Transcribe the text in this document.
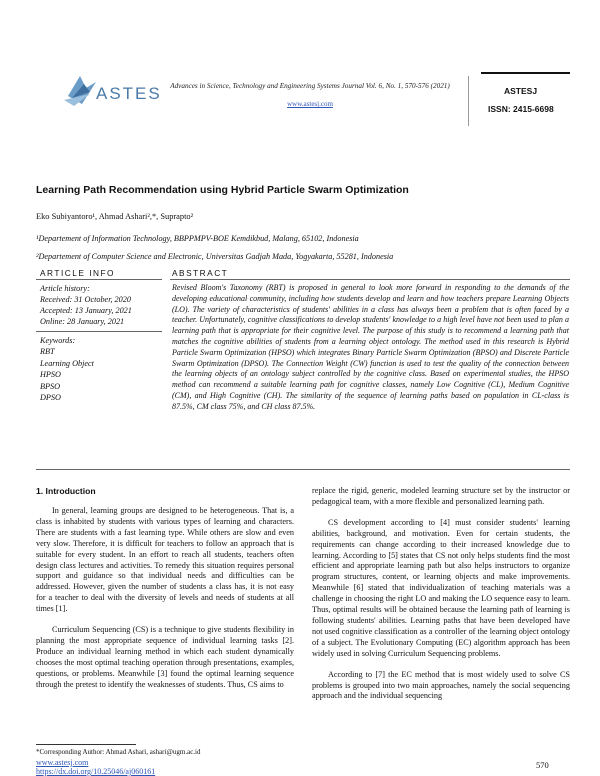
ASTES	Advances in Science, Technology and Engineering Systems Journal Vol. 6, No. 1, 570-576 (2021)
www.astesj.com
ASTESJ
ISSN: 2415-6698
Learning Path Recommendation using Hybrid Particle Swarm Optimization
Eko Subiyantoro¹, Ahmad Ashari²,*, Suprapto²
¹Departement of Information Technology, BBPPMPV-BOE Kemdikbud, Malang, 65102, Indonesia
²Departement of Computer Science and Electronic, Universitas Gadjah Mada, Yogyakarta, 55281, Indonesia
ARTICLE INFO	ABSTRACT
Article history:
Received: 31 October, 2020
Accepted: 13 January, 2021
Online: 28 January, 2021
Keywords:
RBT
Learning Object
HPSO
BPSO
DPSO
Revised Bloom's Taxonomy (RBT) is proposed in general to look more forward in responding to the demands of the developing educational community, including how students develop and learn and how teachers prepare Learning Objects (LO). The variety of characteristics of students' abilities in a class has always been a problem that is often faced by a teacher. Unfortunately, cognitive classifications to develop students' knowledge to a high level have not been used to plan a learning path that is appropriate for their cognitive level. The purpose of this study is to recommend a learning path that matches the cognitive abilities of students from a learning object ontology. The method used in this research is Hybrid Particle Swarm Optimization (HPSO) which integrates Binary Particle Swarm Optimization (BPSO) and Discrete Particle Swarm Optimization (DPSO). The Connection Weight (CW) function is used to test the quality of the connection between the learning objects of an ontology subject controlled by the cognitive class. Based on experimental studies, the HPSO method can recommend a suitable learning path for cognitive classes, namely Low Cognitive (CL), Medium Cognitive (CM), and High Cognitive (CH). The similarity of the sequence of learning paths based on population in CL-class is 87.5%, CM class 75%, and CH class 87.5%.
1. Introduction

In general, learning groups are designed to be heterogeneous. That is, a class is inhabited by students with various types of learning and characters. There are students with a fast learning type. While others are slow and even very slow. Therefore, it is difficult for teachers to follow an approach that is suitable for every student. In an effort to reach all students, teachers often design class lectures and activities. To remedy this situation requires personal support and guidance so that individual needs and difficulties can be addressed. However, given the number of students a class has, it is not easy for a teacher to deal with the diversity of levels and needs of students at all times [1].

Curriculum Sequencing (CS) is a technique to give students flexibility in planning the most appropriate sequence of individual learning tasks [2]. Produce an individual learning method in which each student dynamically chooses the most optimal teaching operation through presentations, examples, questions, or problems. Meanwhile [3] found the optimal learning sequence through the pretest to identify the weaknesses of students. Thus, CS aims to

replace the rigid, generic, modeled learning structure set by the instructor or pedagogical team, with a more flexible and personalized learning path.

CS development according to [4] must consider students' learning abilities, background, and motivation. Even for certain students, the requirements can change according to their increased knowledge due to learning. According to [5] states that CS not only helps students find the most efficient and appropriate learning path but also helps instructors to organize program structures, content, or learning objects and make improvements. Meanwhile [6] stated that individualization of teaching materials was a challenge in choosing the right LO and making the LO sequence easy to learn. Thus, optimal results will be obtained because the learning path of learning is following students' abilities. Learning paths that have been developed have not used cognitive classification as a controller of the learning object ontology of a subject. The Evolutionary Computing (EC) algorithm approach has been widely used in solving Curriculum Sequencing problems.

According to [7] the EC method that is most widely used to solve CS problems is grouped into two main approaches, namely the social sequencing approach and the individual sequencing

*Corresponding Author: Ahmad Ashari, ashari@ugm.ac.id
www.astesj.com
https://dx.doi.org/10.25046/aj060161
570
